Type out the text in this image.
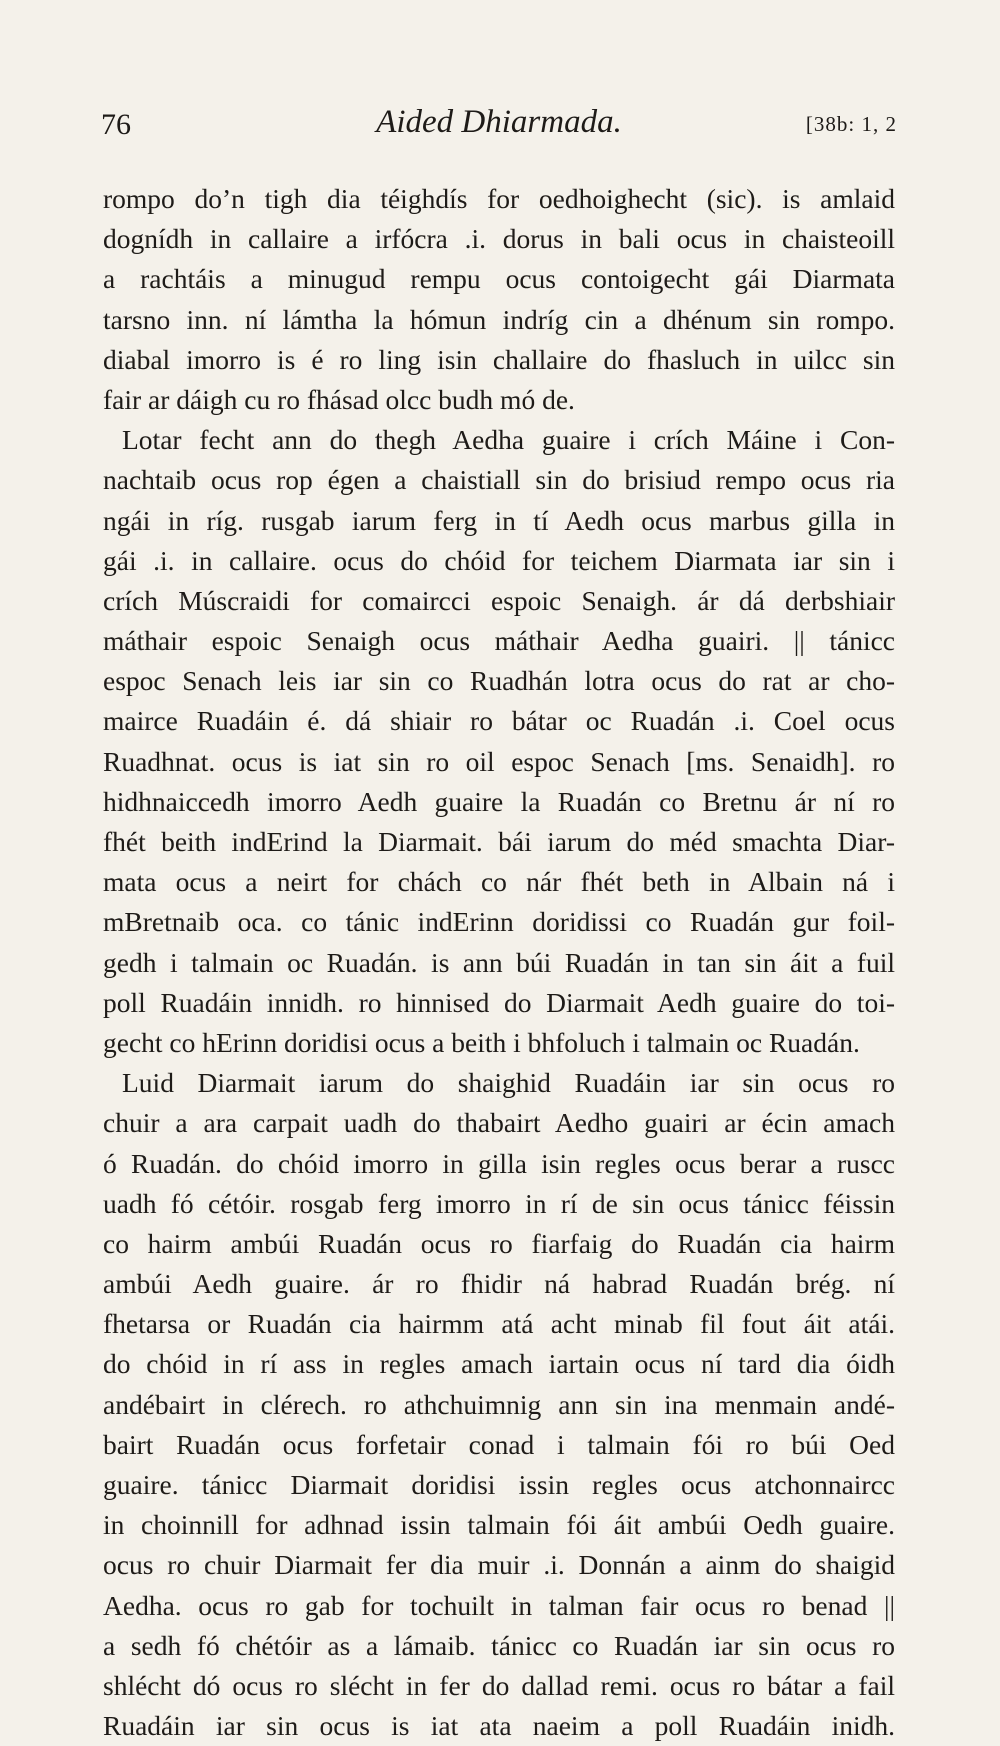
76	Aided Dhiarmada.	[38b: 1, 2
rompo do’n tigh dia téighdís for oedhoighecht (sic). is amlaid
dognídh in callaire a irfócra .i. dorus in bali ocus in chaisteoill
a rachtáis a minugud rempu ocus contoigecht gái Diarmata
tarsno inn. ní lámtha la hómun indríg cin a dhénum sin rompo.
diabal imorro is é ro ling isin challaire do fhasluch in uilcc sin
fair ar dáigh cu ro fhásad olcc budh mó de.
Lotar fecht ann do thegh Aedha guaire i crích Máine i Con-
nachtaib ocus rop égen a chaistiall sin do brisiud rempo ocus ria
ngái in ríg. rusgab iarum ferg in tí Aedh ocus marbus gilla in
gái .i. in callaire. ocus do chóid for teichem Diarmata iar sin i
crích Múscraidi for comaircci espoic Senaigh. ár dá derbshiair
máthair espoic Senaigh ocus máthair Aedha guairi. || tánicc
espoc Senach leis iar sin co Ruadhán lotra ocus do rat ar cho-
mairce Ruadáin é. dá shiair ro bátar oc Ruadán .i. Coel ocus
Ruadhnat. ocus is iat sin ro oil espoc Senach [ms. Senaidh]. ro
hidhnaiccedh imorro Aedh guaire la Ruadán co Bretnu ár ní ro
fhét beith indErind la Diarmait. bái iarum do méd smachta Diar-
mata ocus a neirt for chách co nár fhét beth in Albain ná i
mBretnaib oca. co tánic indErinn doridissi co Ruadán gur foil-
gedh i talmain oc Ruadán. is ann búi Ruadán in tan sin áit a fuil
poll Ruadáin innidh. ro hinnised do Diarmait Aedh guaire do toi-
gecht co hErinn doridisi ocus a beith i bhfoluch i talmain oc Ruadán.
Luid Diarmait iarum do shaighid Ruadáin iar sin ocus ro
chuir a ara carpait uadh do thabairt Aedho guairi ar écin amach
ó Ruadán. do chóid imorro in gilla isin regles ocus berar a ruscc
uadh fó cétóir. rosgab ferg imorro in rí de sin ocus tánicc féissin
co hairm ambúi Ruadán ocus ro fiarfaig do Ruadán cia hairm
ambúi Aedh guaire. ár ro fhidir ná habrad Ruadán brég. ní
fhetarsa or Ruadán cia hairmm atá acht minab fil fout áit atái.
do chóid in rí ass in regles amach iartain ocus ní tard dia óidh
andébairt in clérech. ro athchuimnig ann sin ina menmain andé-
bairt Ruadán ocus forfetair conad i talmain fói ro búi Oed
guaire. tánicc Diarmait doridisi issin regles ocus atchonnaircc
in choinnill for adhnad issin talmain fói áit ambúi Oedh guaire.
ocus ro chuir Diarmait fer dia muir .i. Donnán a ainm do shaigid
Aedha. ocus ro gab for tochuilt in talman fair ocus ro benad ||
a sedh fó chétóir as a lámaib. tánicc co Ruadán iar sin ocus ro
shlécht dó ocus ro slécht in fer do dallad remi. ocus ro bátar a fail
Ruadáin iar sin ocus is iat ata naeim a poll Ruadáin inidh.
